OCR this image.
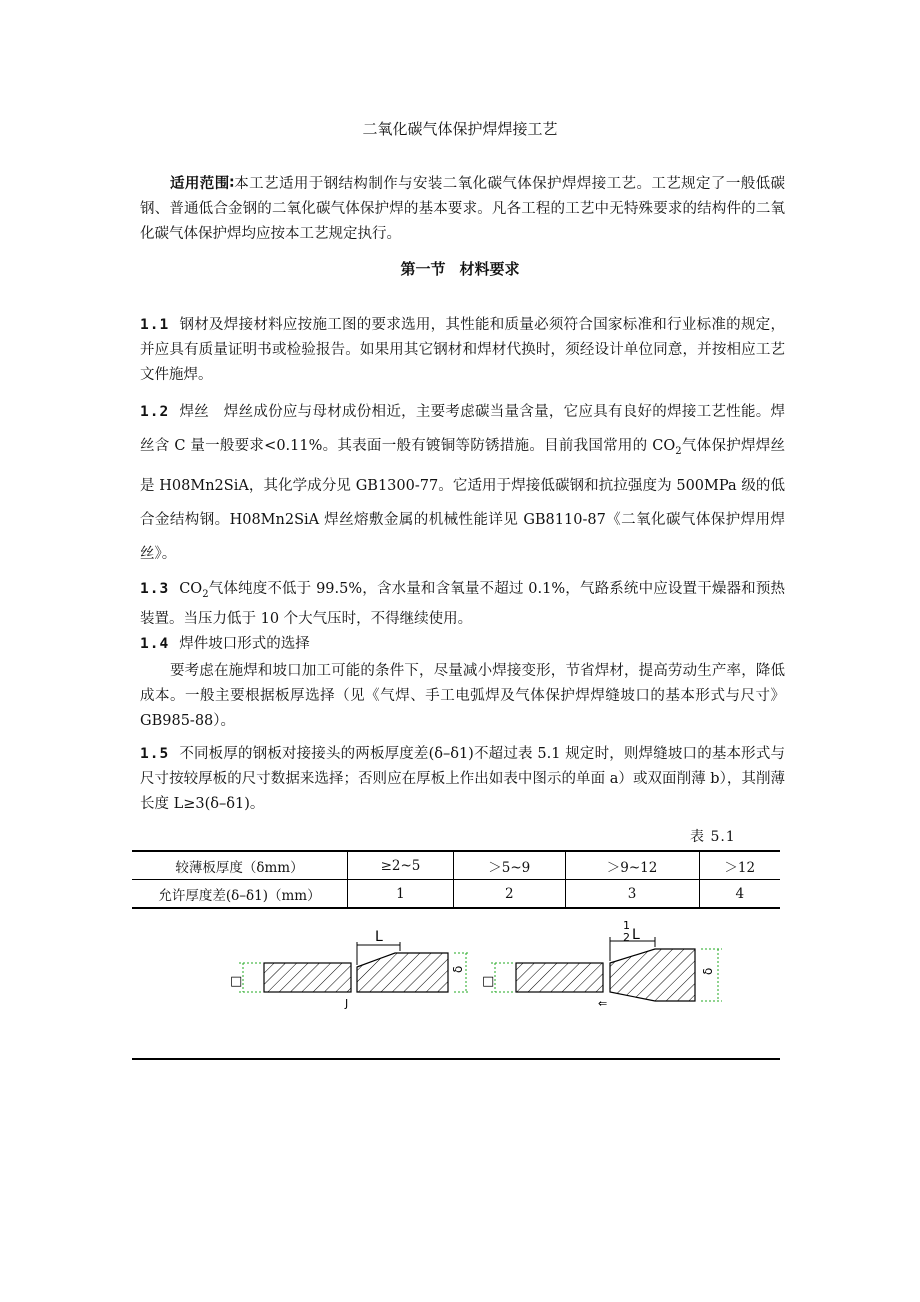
二氧化碳气体保护焊焊接工艺
适用范围∶本工艺适用于钢结构制作与安装二氧化碳气体保护焊焊接工艺。工艺规定了一般低碳钢、普通低合金钢的二氧化碳气体保护焊的基本要求。凡各工程的工艺中无特殊要求的结构件的二氧化碳气体保护焊均应按本工艺规定执行。
第一节 材料要求
1.1 钢材及焊接材料应按施工图的要求选用，其性能和质量必须符合国家标准和行业标准的规定，并应具有质量证明书或检验报告。如果用其它钢材和焊材代换时，须经设计单位同意，并按相应工艺文件施焊。
1.2 焊丝　焊丝成份应与母材成份相近，主要考虑碳当量含量，它应具有良好的焊接工艺性能。焊丝含 C 量一般要求<0.11%。其表面一般有镀铜等防锈措施。目前我国常用的 $CO_2$气体保护焊焊丝是 H08Mn2SiA，其化学成分见 GB1300-77。它适用于焊接低碳钢和抗拉强度为 500MPa 级的低合金结构钢。H08Mn2SiA 焊丝熔敷金属的机械性能详见 GB8110-87《二氧化碳气体保护焊用焊丝》。
1.3 $CO_2$气体纯度不低于 99.5%，含水量和含氧量不超过 0.1%，气路系统中应设置干燥器和预热装置。当压力低于 10 个大气压时，不得继续使用。
1.4 焊件坡口形式的选择
要考虑在施焊和坡口加工可能的条件下，尽量减小焊接变形，节省焊材，提高劳动生产率，降低成本。一般主要根据板厚选择（见《气焊、手工电弧焊及气体保护焊焊缝坡口的基本形式与尺寸》GB985-88）。
1.5 不同板厚的钢板对接接头的两板厚度差(δ–δ1)不超过表 5.1 规定时，则焊缝坡口的基本形式与尺寸按较厚板的尺寸数据来选择；否则应在厚板上作出如表中图示的单面 a）或双面削薄 b），其削薄长度 L≥3(δ–δ1)。
表 5.1
较薄板厚度（δmm）	≥2~5	＞5~9	＞9~12	＞12
允许厚度差(δ–δ1)（mm）	1	2	3	4
□
L
δ
J
□
1
2 L
δ
⇐
